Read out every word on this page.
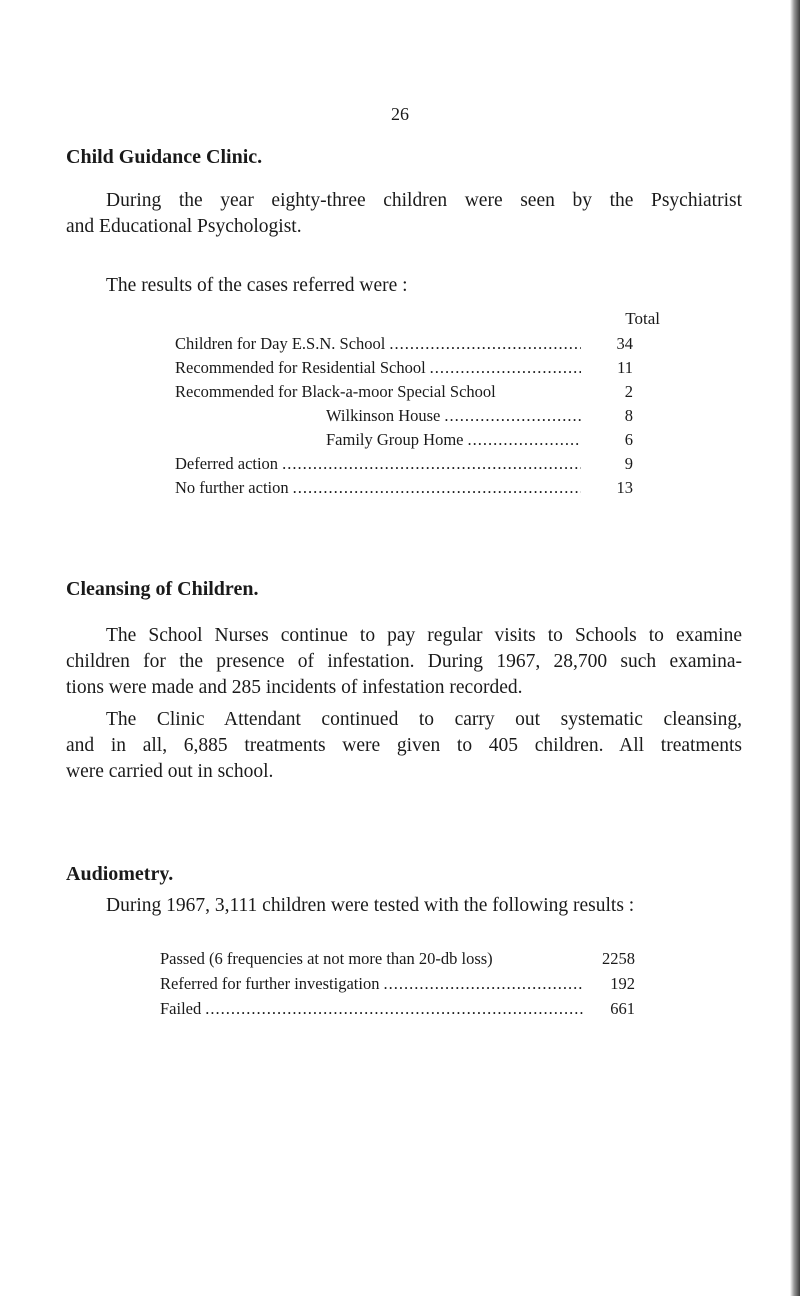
26
Child Guidance Clinic.
During the year eighty-three children were seen by the Psychiatrist
and Educational Psychologist.
The results of the cases referred were :
Total
Children for Day E.S.N. School .....	34
Recommended for Residential School .....	11
Recommended for Black-a-moor Special School	2
Wilkinson House .....	8
Family Group Home .....	6
Deferred action .....	9
No further action .....	13
Cleansing of Children.
The School Nurses continue to pay regular visits to Schools to examine
children for the presence of infestation. During 1967, 28,700 such examina-
tions were made and 285 incidents of infestation recorded.
The Clinic Attendant continued to carry out systematic cleansing,
and in all, 6,885 treatments were given to 405 children. All treatments
were carried out in school.
Audiometry.
During 1967, 3,111 children were tested with the following results :
Passed (6 frequencies at not more than 20-db loss)	2258
Referred for further investigation .....	192
Failed .....	661
